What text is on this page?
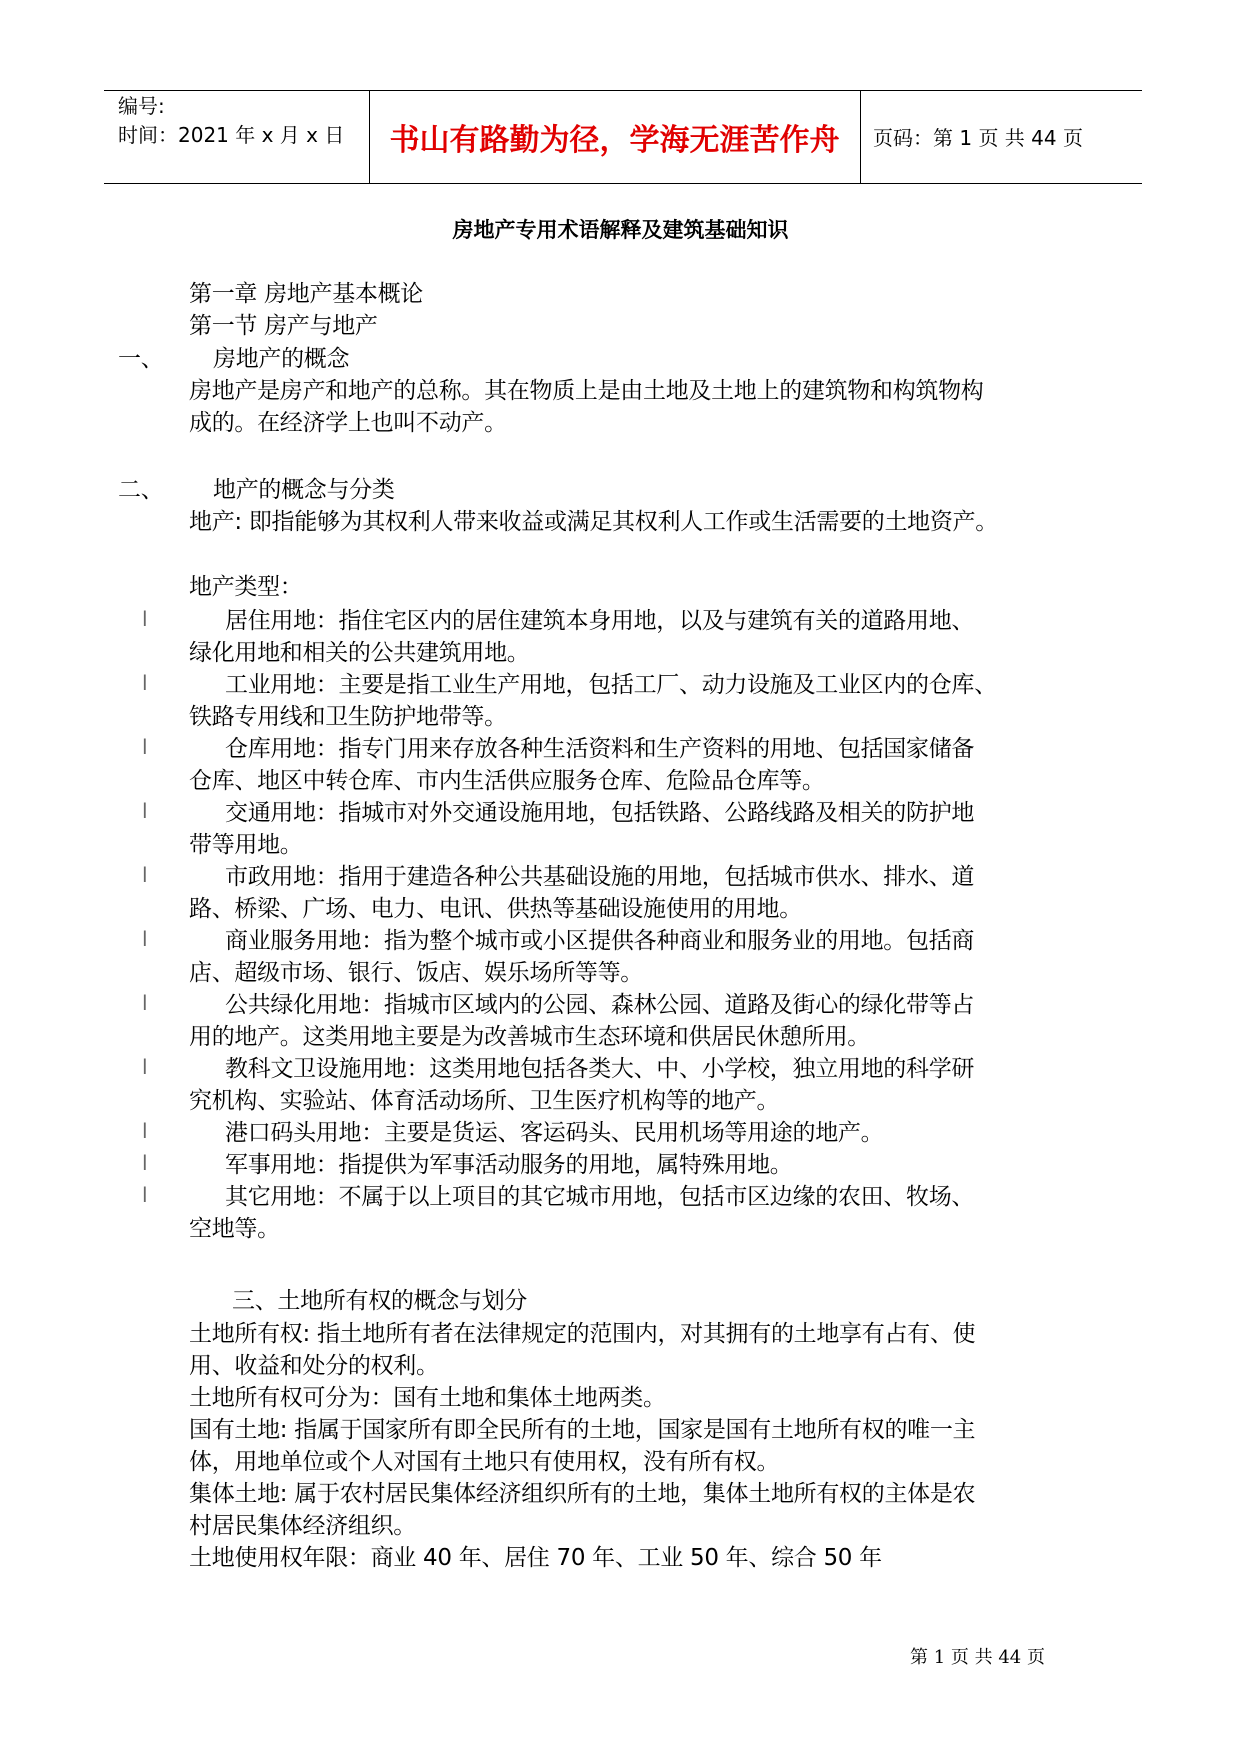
编号:
时间：2021 年 x 月 x 日	书山有路勤为径，学海无涯苦作舟	页码：第 1 页 共 44 页
房地产专用术语解释及建筑基础知识
第一章 房地产基本概论
第一节 房产与地产
一、 房地产的概念
房地产是房产和地产的总称。其在物质上是由土地及土地上的建筑物和构筑物构
成的。在经济学上也叫不动产。
二、 地产的概念与分类
地产: 即指能够为其权利人带来收益或满足其权利人工作或生活需要的土地资产。
地产类型：
l	居住用地：指住宅区内的居住建筑本身用地，以及与建筑有关的道路用地、
绿化用地和相关的公共建筑用地。
l	工业用地：主要是指工业生产用地，包括工厂、动力设施及工业区内的仓库、
铁路专用线和卫生防护地带等。
l	仓库用地：指专门用来存放各种生活资料和生产资料的用地、包括国家储备
仓库、地区中转仓库、市内生活供应服务仓库、危险品仓库等。
l	交通用地：指城市对外交通设施用地，包括铁路、公路线路及相关的防护地
带等用地。
l	市政用地：指用于建造各种公共基础设施的用地，包括城市供水、排水、道
路、桥梁、广场、电力、电讯、供热等基础设施使用的用地。
l	商业服务用地：指为整个城市或小区提供各种商业和服务业的用地。包括商
店、超级市场、银行、饭店、娱乐场所等等。
l	公共绿化用地：指城市区域内的公园、森林公园、道路及街心的绿化带等占
用的地产。这类用地主要是为改善城市生态环境和供居民休憩所用。
l	教科文卫设施用地：这类用地包括各类大、中、小学校，独立用地的科学研
究机构、实验站、体育活动场所、卫生医疗机构等的地产。
l	港口码头用地：主要是货运、客运码头、民用机场等用途的地产。
l	军事用地：指提供为军事活动服务的用地，属特殊用地。
l	其它用地：不属于以上项目的其它城市用地，包括市区边缘的农田、牧场、
空地等。
三、土地所有权的概念与划分
土地所有权: 指土地所有者在法律规定的范围内，对其拥有的土地享有占有、使
用、收益和处分的权利。
土地所有权可分为：国有土地和集体土地两类。
国有土地: 指属于国家所有即全民所有的土地，国家是国有土地所有权的唯一主
体，用地单位或个人对国有土地只有使用权，没有所有权。
集体土地: 属于农村居民集体经济组织所有的土地，集体土地所有权的主体是农
村居民集体经济组织。
土地使用权年限：商业 40 年、居住 70 年、工业 50 年、综合 50 年
第 1 页 共 44 页
